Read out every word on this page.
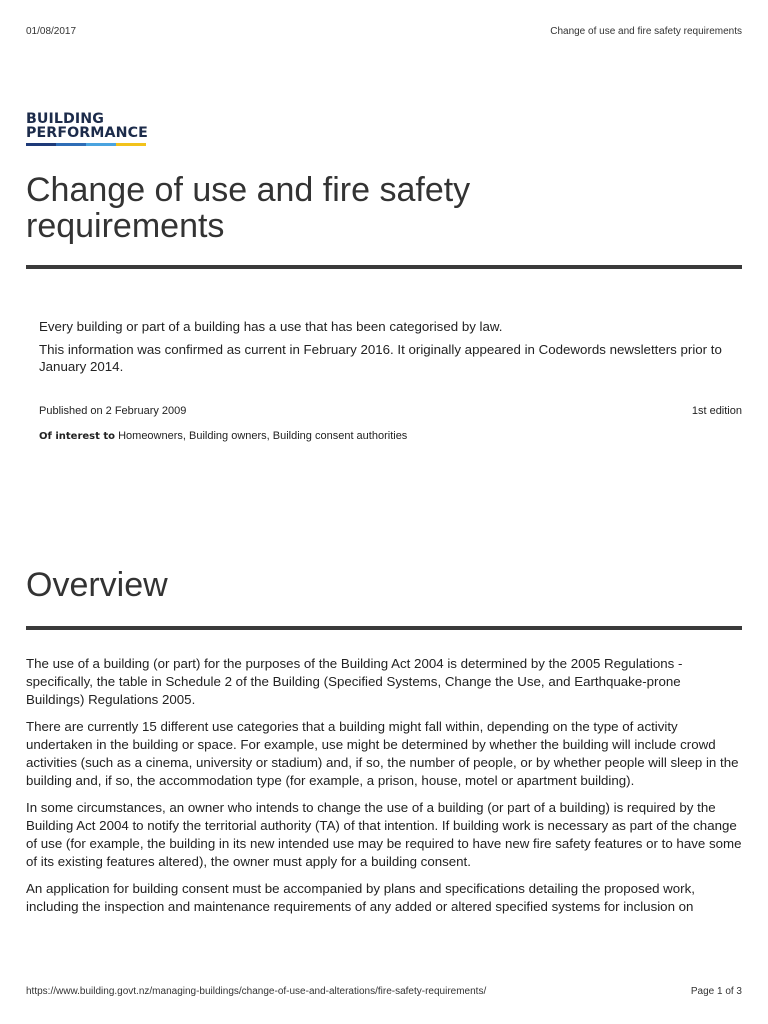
01/08/2017	Change of use and fire safety requirements
BUILDING
PERFORMANCE
Change of use and fire safety requirements

Every building or part of a building has a use that has been categorised by law.

This information was confirmed as current in February 2016. It originally appeared in Codewords newsletters prior to January 2014.

Published on 2 February 2009	1st edition
Of interest to Homeowners, Building owners, Building consent authorities
Overview

The use of a building (or part) for the purposes of the Building Act 2004 is determined by the 2005 Regulations - specifically, the table in Schedule 2 of the Building (Specified Systems, Change the Use, and Earthquake-prone Buildings) Regulations 2005.

There are currently 15 different use categories that a building might fall within, depending on the type of activity undertaken in the building or space. For example, use might be determined by whether the building will include crowd activities (such as a cinema, university or stadium) and, if so, the number of people, or by whether people will sleep in the building and, if so, the accommodation type (for example, a prison, house, motel or apartment building).

In some circumstances, an owner who intends to change the use of a building (or part of a building) is required by the Building Act 2004 to notify the territorial authority (TA) of that intention. If building work is necessary as part of the change of use (for example, the building in its new intended use may be required to have new fire safety features or to have some of its existing features altered), the owner must apply for a building consent.

An application for building consent must be accompanied by plans and specifications detailing the proposed work, including the inspection and maintenance requirements of any added or altered specified systems for inclusion on

https://www.building.govt.nz/managing-buildings/change-of-use-and-alterations/fire-safety-requirements/	Page 1 of 3
